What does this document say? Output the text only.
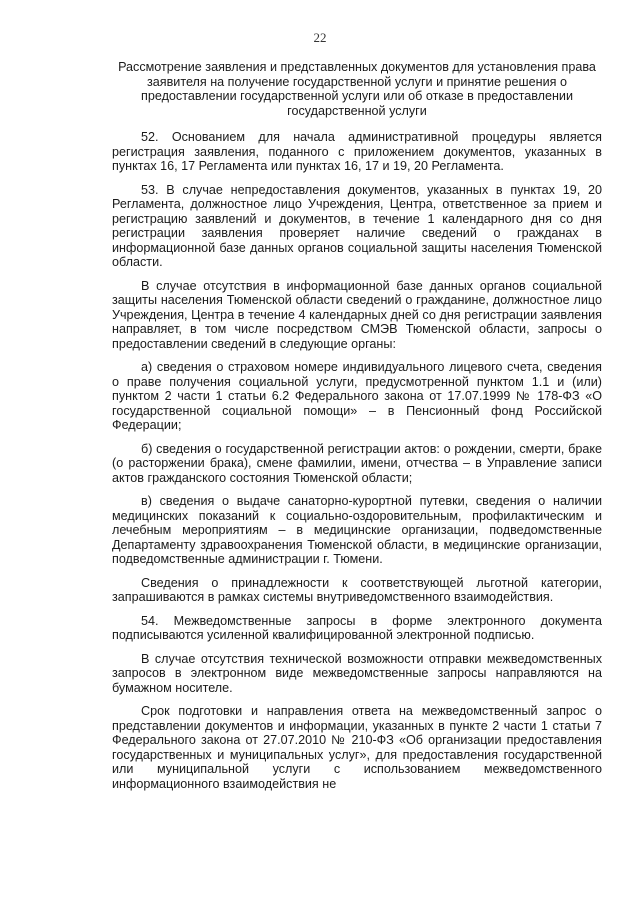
22
Рассмотрение заявления и представленных документов для установления права заявителя на получение государственной услуги и принятие решения о предоставлении государственной услуги или об отказе в предоставлении государственной услуги

52. Основанием для начала административной процедуры является регистрация заявления, поданного с приложением документов, указанных в пунктах 16, 17 Регламента или пунктах 16, 17 и 19, 20 Регламента.

53. В случае непредоставления документов, указанных в пунктах 19, 20 Регламента, должностное лицо Учреждения, Центра, ответственное за прием и регистрацию заявлений и документов, в течение 1 календарного дня со дня регистрации заявления проверяет наличие сведений о гражданах в информационной базе данных органов социальной защиты населения Тюменской области.

В случае отсутствия в информационной базе данных органов социальной защиты населения Тюменской области сведений о гражданине, должностное лицо Учреждения, Центра в течение 4 календарных дней со дня регистрации заявления направляет, в том числе посредством СМЭВ Тюменской области, запросы о предоставлении сведений в следующие органы:

а) сведения о страховом номере индивидуального лицевого счета, сведения о праве получения социальной услуги, предусмотренной пунктом 1.1 и (или) пунктом 2 части 1 статьи 6.2 Федерального закона от 17.07.1999 № 178-ФЗ «О государственной социальной помощи» – в Пенсионный фонд Российской Федерации;

б) сведения о государственной регистрации актов: о рождении, смерти, браке (о расторжении брака), смене фамилии, имени, отчества – в Управление записи актов гражданского состояния Тюменской области;

в) сведения о выдаче санаторно-курортной путевки, сведения о наличии медицинских показаний к социально-оздоровительным, профилактическим и лечебным мероприятиям – в медицинские организации, подведомственные Департаменту здравоохранения Тюменской области, в медицинские организации, подведомственные администрации г. Тюмени.

Сведения о принадлежности к соответствующей льготной категории, запрашиваются в рамках системы внутриведомственного взаимодействия.

54. Межведомственные запросы в форме электронного документа подписываются усиленной квалифицированной электронной подписью.

В случае отсутствия технической возможности отправки межведомственных запросов в электронном виде межведомственные запросы направляются на бумажном носителе.

Срок подготовки и направления ответа на межведомственный запрос о представлении документов и информации, указанных в пункте 2 части 1 статьи 7 Федерального закона от 27.07.2010 № 210-ФЗ «Об организации предоставления государственных и муниципальных услуг», для предоставления государственной или муниципальной услуги с использованием межведомственного информационного взаимодействия не
